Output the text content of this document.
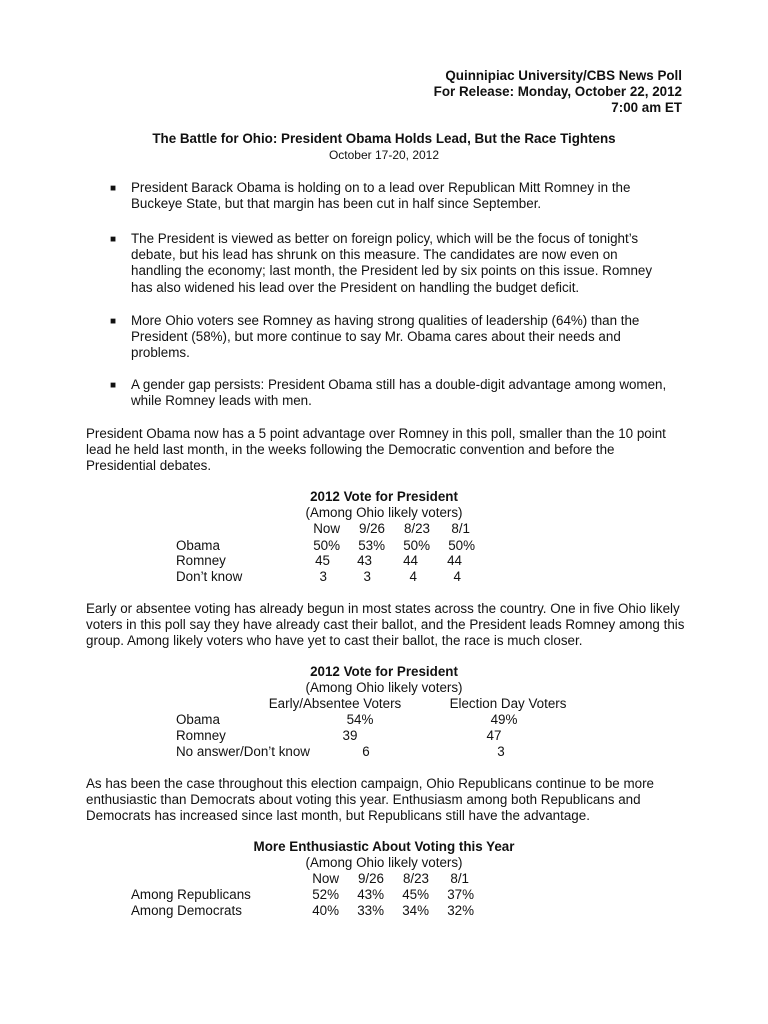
Quinnipiac University/CBS News Poll
For Release: Monday, October 22, 2012
7:00 am ET
The Battle for Ohio: President Obama Holds Lead, But the Race Tightens
October 17-20, 2012
■	President Barack Obama is holding on to a lead over Republican Mitt Romney in the Buckeye State, but that margin has been cut in half since September.
■	The President is viewed as better on foreign policy, which will be the focus of tonight’s debate, but his lead has shrunk on this measure. The candidates are now even on handling the economy; last month, the President led by six points on this issue. Romney has also widened his lead over the President on handling the budget deficit.
■	More Ohio voters see Romney as having strong qualities of leadership (64%) than the President (58%), but more continue to say Mr. Obama cares about their needs and problems.
■	A gender gap persists: President Obama still has a double-digit advantage among women, while Romney leads with men.
President Obama now has a 5 point advantage over Romney in this poll, smaller than the 10 point lead he held last month, in the weeks following the Democratic convention and before the Presidential debates.
2012 Vote for President
(Among Ohio likely voters)
Now	9/26	8/23	8/1
Obama	50%	53%	50%	50%
Romney	45	43	44	44
Don’t know	3	3	4	4
Early or absentee voting has already begun in most states across the country. One in five Ohio likely voters in this poll say they have already cast their ballot, and the President leads Romney among this group. Among likely voters who have yet to cast their ballot, the race is much closer.
2012 Vote for President
(Among Ohio likely voters)
Early/Absentee Voters	Election Day Voters
Obama	54%	49%
Romney	39	47
No answer/Don’t know	6	3
As has been the case throughout this election campaign, Ohio Republicans continue to be more enthusiastic than Democrats about voting this year. Enthusiasm among both Republicans and Democrats has increased since last month, but Republicans still have the advantage.
More Enthusiastic About Voting this Year
(Among Ohio likely voters)
Now	9/26	8/23	8/1
Among Republicans	52%	43%	45%	37%
Among Democrats	40%	33%	34%	32%
